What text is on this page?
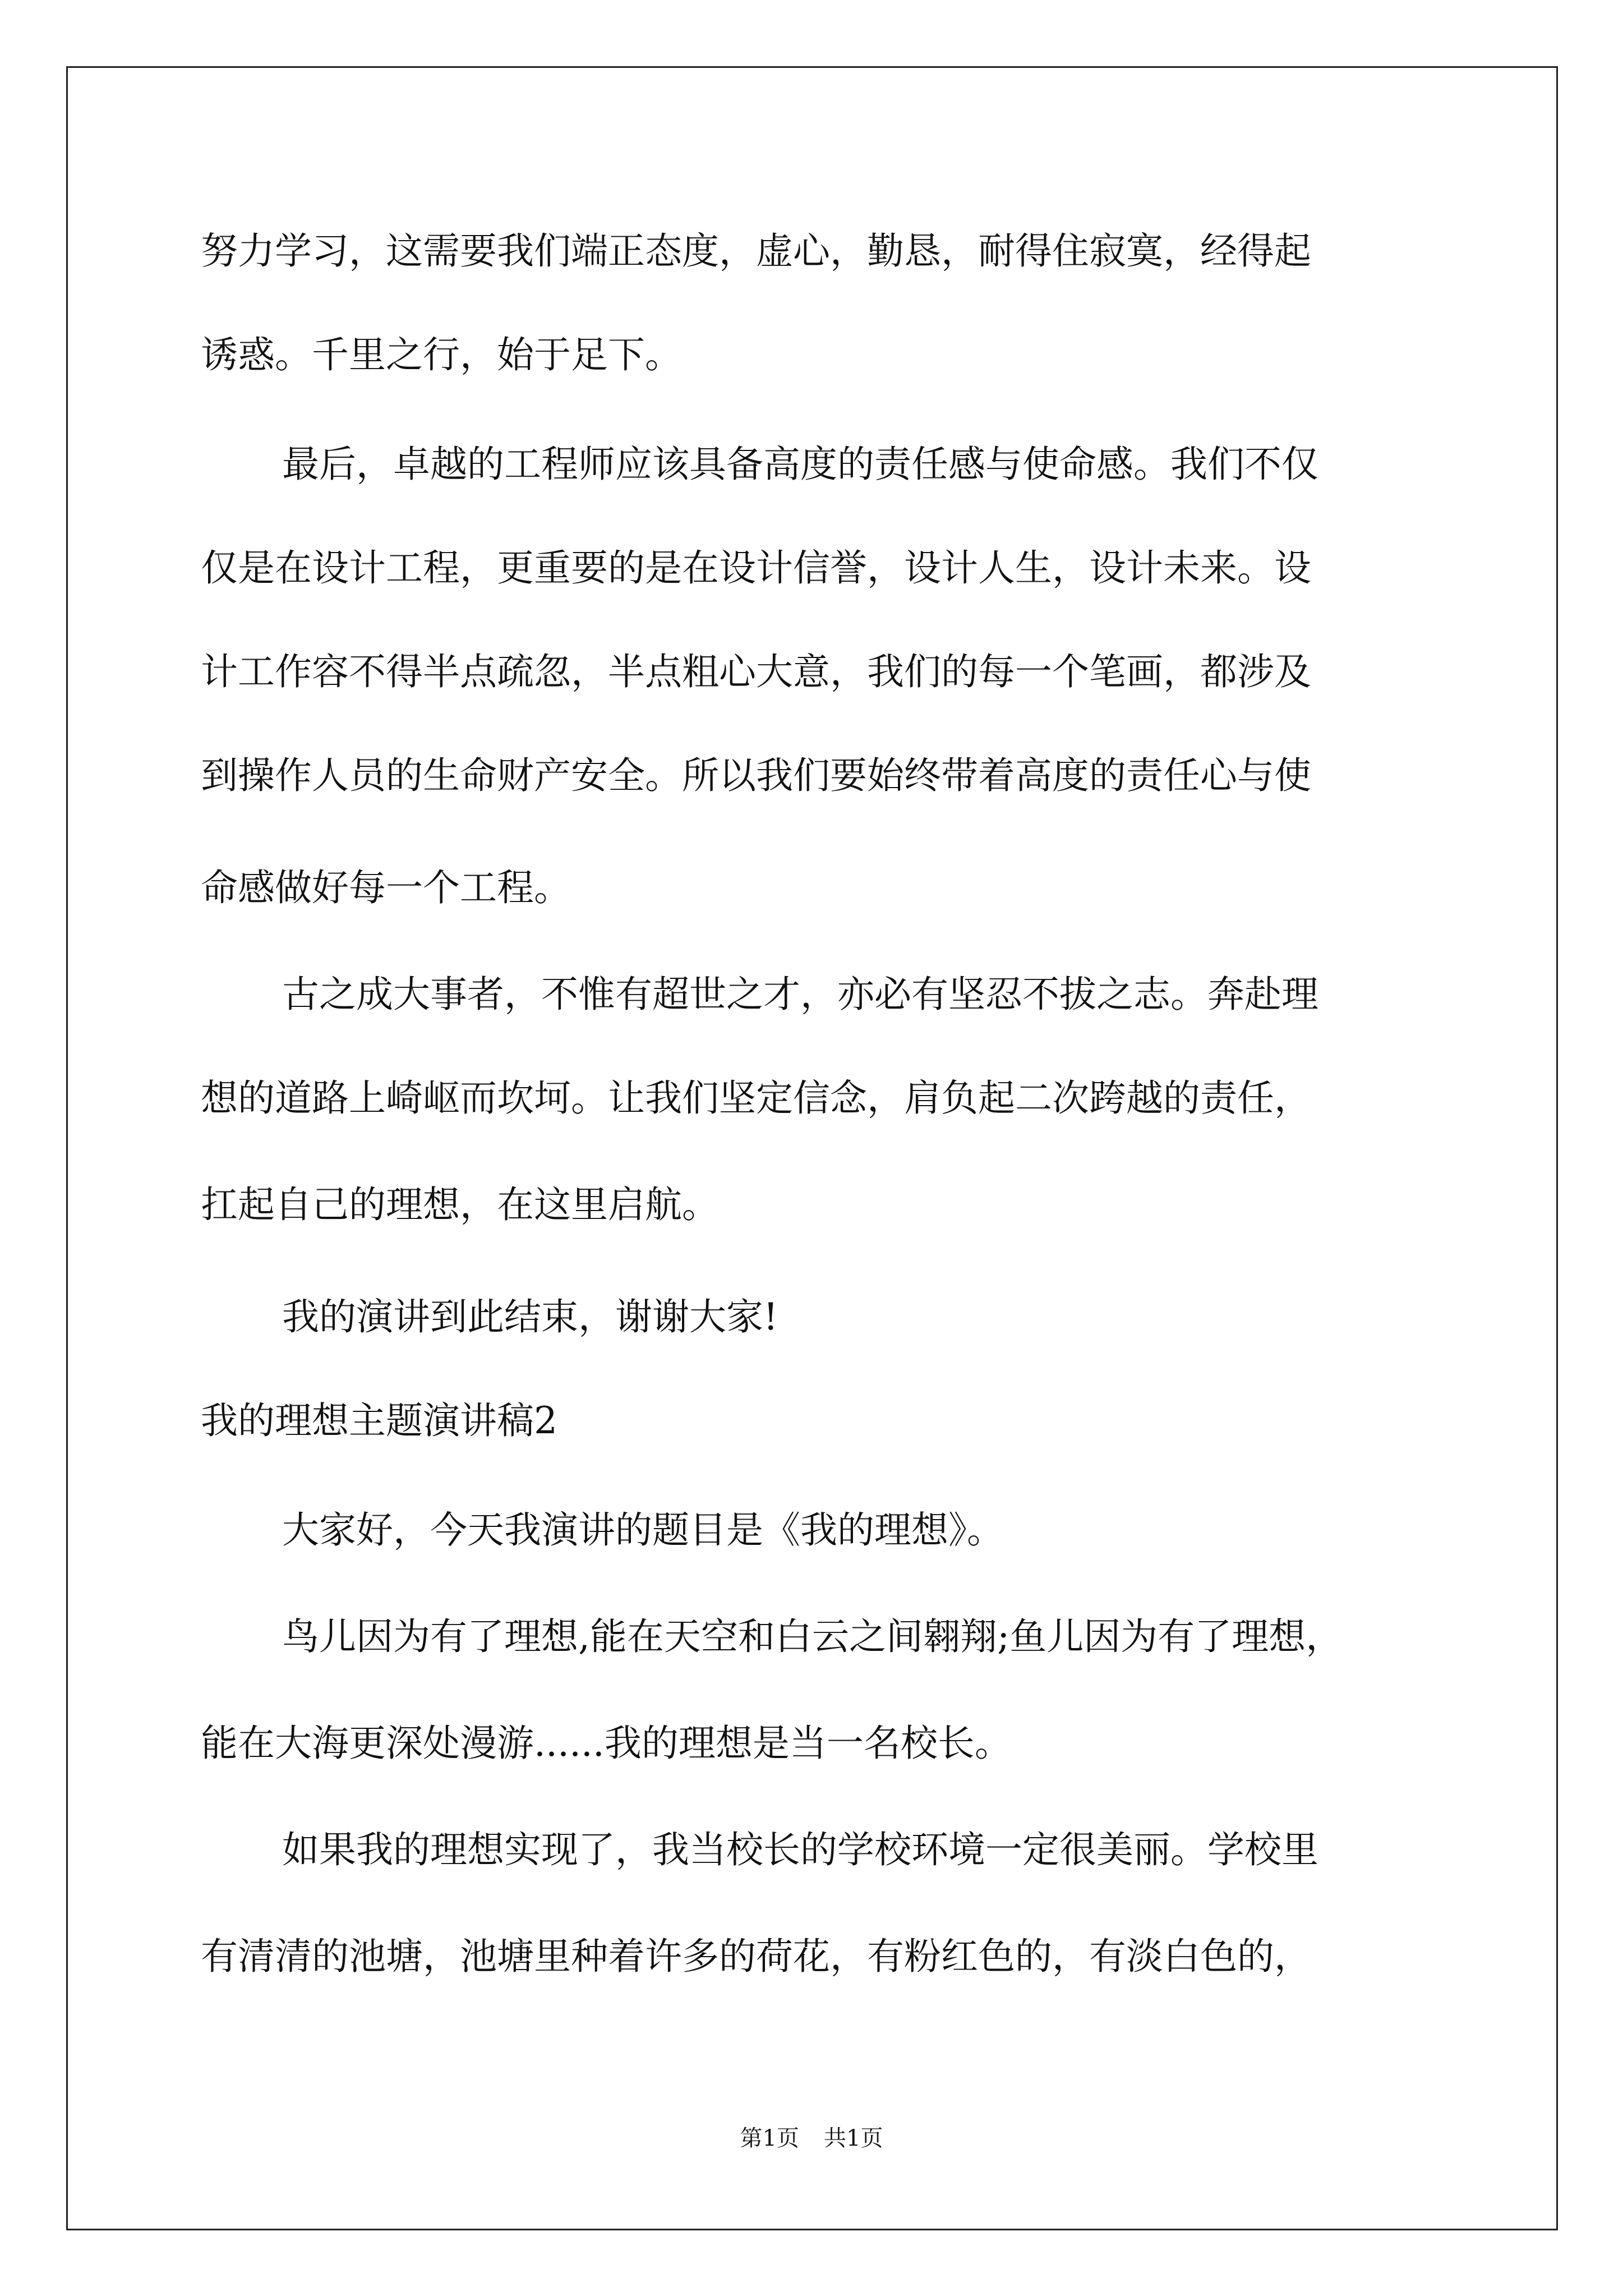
努力学习，这需要我们端正态度，虚心，勤恳，耐得住寂寞，经得起
诱惑。千里之行，始于足下。
最后，卓越的工程师应该具备高度的责任感与使命感。我们不仅
仅是在设计工程，更重要的是在设计信誉，设计人生，设计未来。设
计工作容不得半点疏忽，半点粗心大意，我们的每一个笔画，都涉及
到操作人员的生命财产安全。所以我们要始终带着高度的责任心与使
命感做好每一个工程。
古之成大事者，不惟有超世之才，亦必有坚忍不拔之志。奔赴理
想的道路上崎岖而坎坷。让我们坚定信念，肩负起二次跨越的责任，
扛起自己的理想，在这里启航。
我的演讲到此结束，谢谢大家!
我的理想主题演讲稿2
大家好，今天我演讲的题目是《我的理想》。
鸟儿因为有了理想,能在天空和白云之间翱翔;鱼儿因为有了理想，
能在大海更深处漫游......我的理想是当一名校长。
如果我的理想实现了，我当校长的学校环境一定很美丽。学校里
有清清的池塘，池塘里种着许多的荷花，有粉红色的，有淡白色的，
第1页 共1页
